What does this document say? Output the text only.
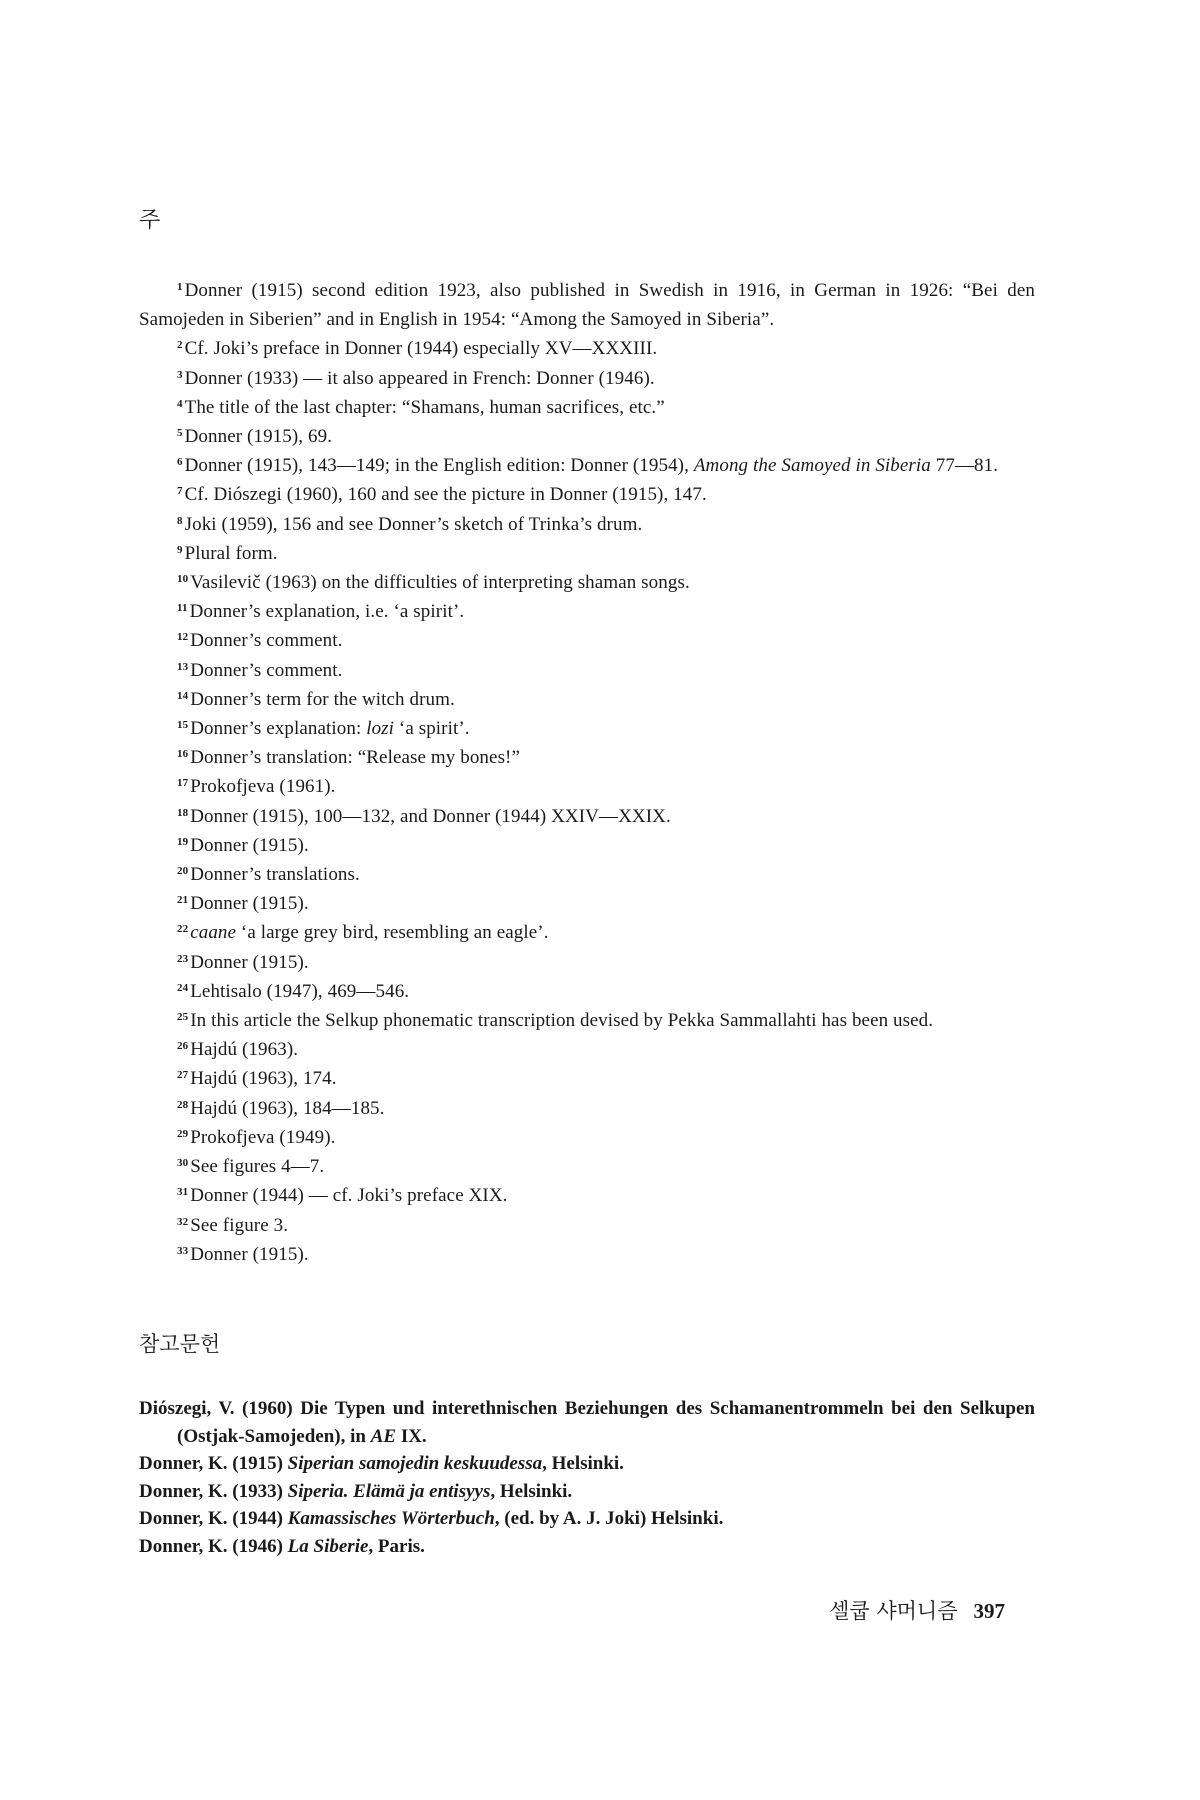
주
$^1$ Donner (1915) second edition 1923, also published in Swedish in 1916, in German in 1926: “Bei den Samojeden in Siberien” and in English in 1954: “Among the Samoyed in Siberia”.
$^2$ Cf. Joki’s preface in Donner (1944) especially XV—XXXIII.
$^3$ Donner (1933) — it also appeared in French: Donner (1946).
$^4$ The title of the last chapter: “Shamans, human sacrifices, etc.”
$^5$ Donner (1915), 69.
$^6$ Donner (1915), 143—149; in the English edition: Donner (1954), Among the Samoyed in Siberia 77—81.
$^7$ Cf. Diószegi (1960), 160 and see the picture in Donner (1915), 147.
$^8$ Joki (1959), 156 and see Donner’s sketch of Trinka’s drum.
$^9$ Plural form.
$^{10}$ Vasilevič (1963) on the difficulties of interpreting shaman songs.
$^{11}$ Donner’s explanation, i.e. ‘a spirit’.
$^{12}$ Donner’s comment.
$^{13}$ Donner’s comment.
$^{14}$ Donner’s term for the witch drum.
$^{15}$ Donner’s explanation: lozi ‘a spirit’.
$^{16}$ Donner’s translation: “Release my bones!”
$^{17}$ Prokofjeva (1961).
$^{18}$ Donner (1915), 100—132, and Donner (1944) XXIV—XXIX.
$^{19}$ Donner (1915).
$^{20}$ Donner’s translations.
$^{21}$ Donner (1915).
$^{22}$ caane ‘a large grey bird, resembling an eagle’.
$^{23}$ Donner (1915).
$^{24}$ Lehtisalo (1947), 469—546.
$^{25}$ In this article the Selkup phonematic transcription devised by Pekka Sammallahti has been used.
$^{26}$ Hajdú (1963).
$^{27}$ Hajdú (1963), 174.
$^{28}$ Hajdú (1963), 184—185.
$^{29}$ Prokofjeva (1949).
$^{30}$ See figures 4—7.
$^{31}$ Donner (1944) — cf. Joki’s preface XIX.
$^{32}$ See figure 3.
$^{33}$ Donner (1915).
참고문헌
Diószegi, V. (1960) Die Typen und interethnischen Beziehungen des Schamanentrommeln bei den Selkupen (Ostjak-Samojeden), in AE IX.
Donner, K. (1915) Siperian samojedin keskuudessa, Helsinki.
Donner, K. (1933) Siperia. Elämä ja entisyys, Helsinki.
Donner, K. (1944) Kamassisches Wörterbuch, (ed. by A. J. Joki) Helsinki.
Donner, K. (1946) La Siberie, Paris.
셀쿱 샤머니즘 397
